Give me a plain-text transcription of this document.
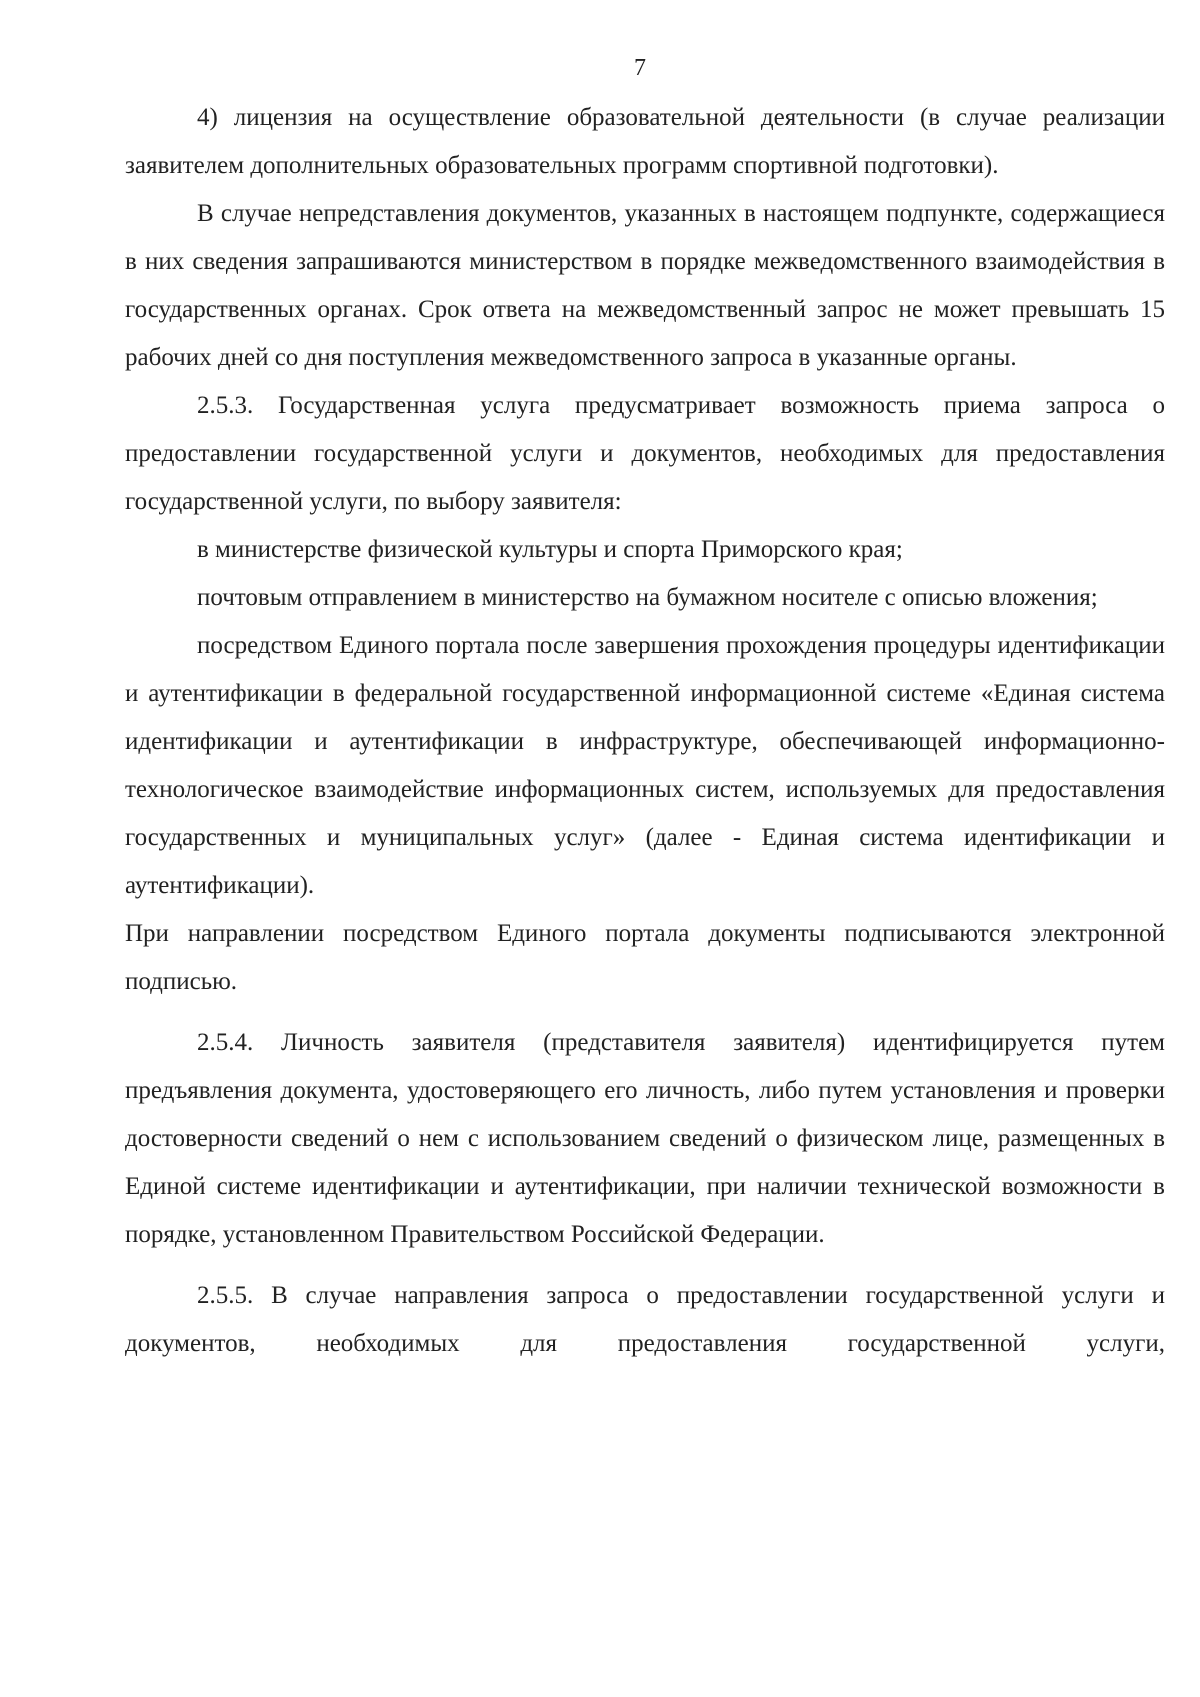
7

4) лицензия на осуществление образовательной деятельности (в случае реализации заявителем дополнительных образовательных программ спортивной подготовки).

В случае непредставления документов, указанных в настоящем подпункте, содержащиеся в них сведения запрашиваются министерством в порядке межведомственного взаимодействия в государственных органах. Срок ответа на межведомственный запрос не может превышать 15 рабочих дней со дня поступления межведомственного запроса в указанные органы.

2.5.3. Государственная услуга предусматривает возможность приема запроса о предоставлении государственной услуги и документов, необходимых для предоставления государственной услуги, по выбору заявителя:

в министерстве физической культуры и спорта Приморского края;

почтовым отправлением в министерство на бумажном носителе с описью вложения;

посредством Единого портала после завершения прохождения процедуры идентификации и аутентификации в федеральной государственной информационной системе «Единая система идентификации и аутентификации в инфраструктуре, обеспечивающей информационно-технологическое взаимодействие информационных систем, используемых для предоставления государственных и муниципальных услуг» (далее - Единая система идентификации и аутентификации).

При направлении посредством Единого портала документы подписываются электронной подписью.

2.5.4. Личность заявителя (представителя заявителя) идентифицируется путем предъявления документа, удостоверяющего его личность, либо путем установления и проверки достоверности сведений о нем с использованием сведений о физическом лице, размещенных в Единой системе идентификации и аутентификации, при наличии технической возможности в порядке, установленном Правительством Российской Федерации.

2.5.5. В случае направления запроса о предоставлении государственной услуги и документов, необходимых для предоставления государственной услуги,
